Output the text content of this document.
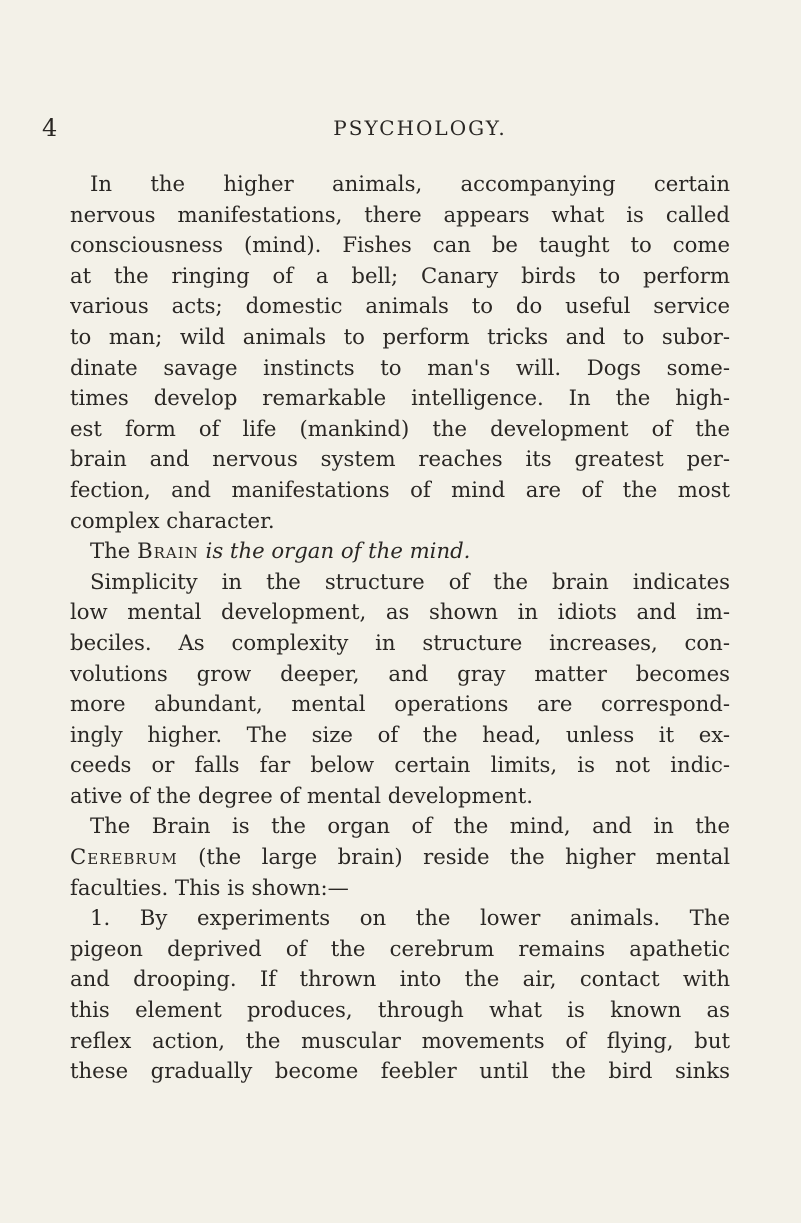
4	PSYCHOLOGY.
In the higher animals, accompanying certain
nervous manifestations, there appears what is called
consciousness (mind). Fishes can be taught to come
at the ringing of a bell; Canary birds to perform
various acts; domestic animals to do useful service
to man; wild animals to perform tricks and to subor-
dinate savage instincts to man's will. Dogs some-
times develop remarkable intelligence. In the high-
est form of life (mankind) the development of the
brain and nervous system reaches its greatest per-
fection, and manifestations of mind are of the most
complex character.
The Brain is the organ of the mind.
Simplicity in the structure of the brain indicates
low mental development, as shown in idiots and im-
beciles. As complexity in structure increases, con-
volutions grow deeper, and gray matter becomes
more abundant, mental operations are correspond-
ingly higher. The size of the head, unless it ex-
ceeds or falls far below certain limits, is not indic-
ative of the degree of mental development.
The Brain is the organ of the mind, and in the
Cerebrum (the large brain) reside the higher mental
faculties. This is shown:—
1. By experiments on the lower animals. The
pigeon deprived of the cerebrum remains apathetic
and drooping. If thrown into the air, contact with
this element produces, through what is known as
reflex action, the muscular movements of flying, but
these gradually become feebler until the bird sinks
